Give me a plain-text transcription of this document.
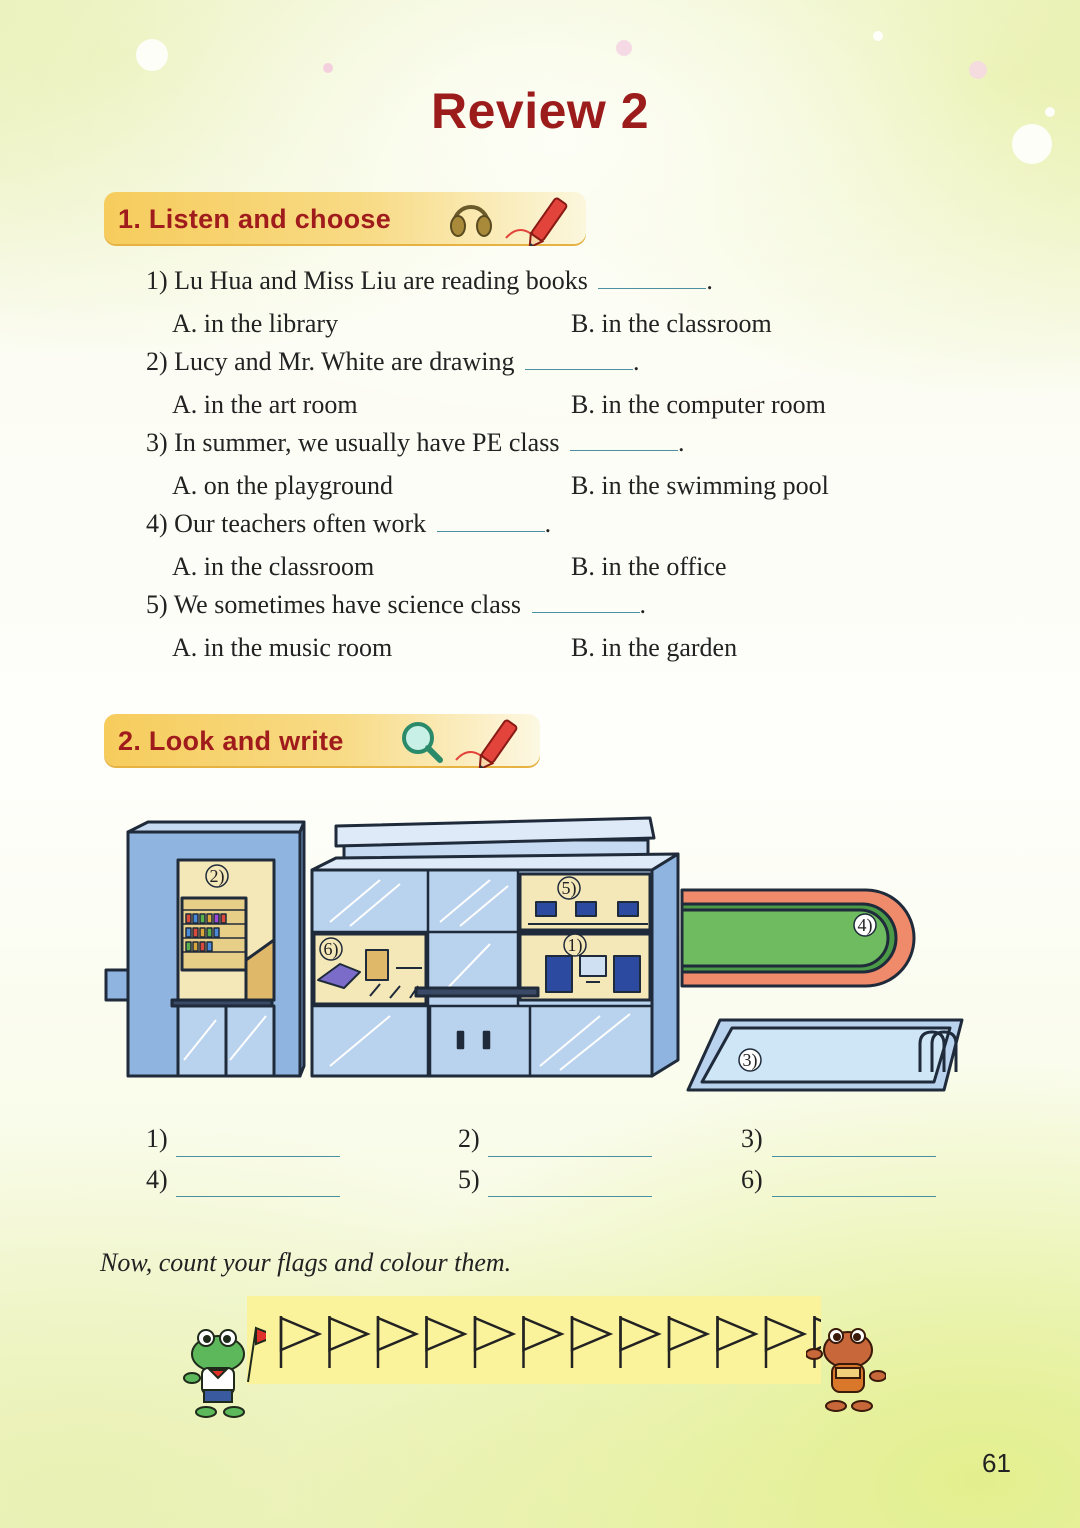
Review 2
1. Listen and choose
1) Lu Hua and Miss Liu are reading books	.
A. in the library	B. in the classroom
2) Lucy and Mr. White are drawing	.
A. in the art room	B. in the computer room
3) In summer, we usually have PE class	.
A. on the playground	B. in the swimming pool
4) Our teachers often work	.
A. in the classroom	B. in the office
5) We sometimes have science class	.
A. in the music room	B. in the garden
2. Look and write
2)
5)
1)
6)
4)
3)
1)	2)	3)
4)	5)	6)
Now, count your flags and colour them.
61
